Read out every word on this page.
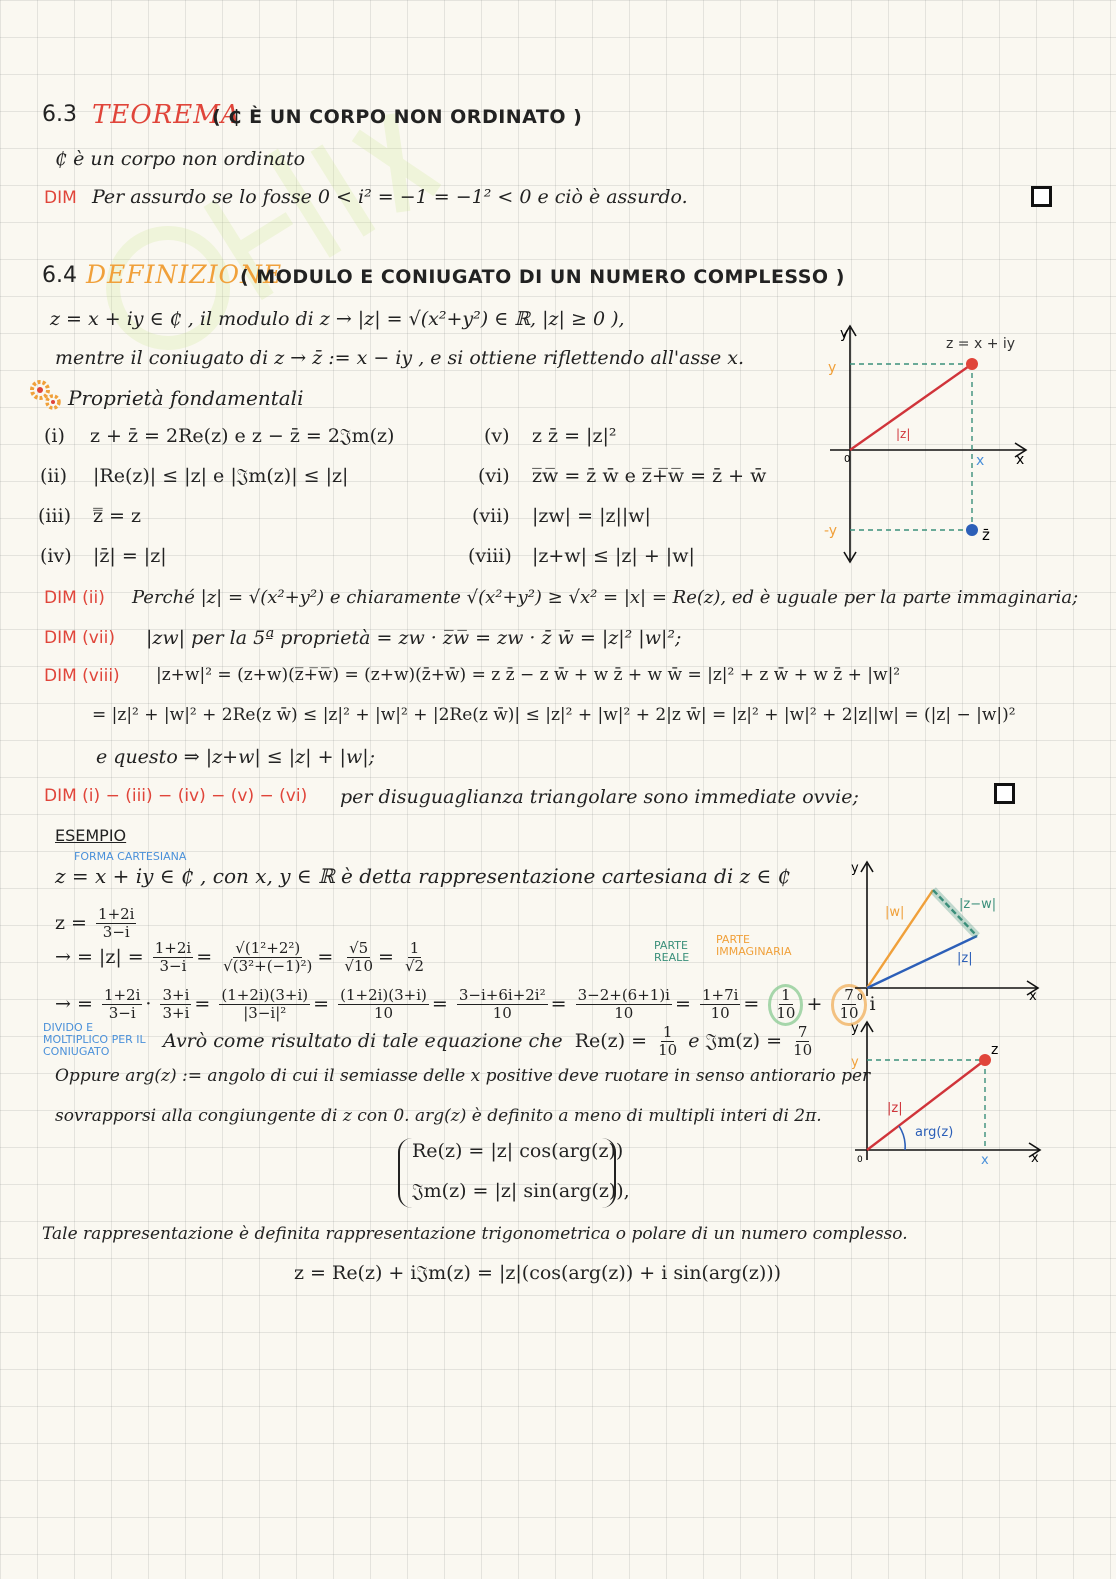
6.3 TEOREMA
( ₵ È UN CORPO NON ORDINATO )
₵ è un corpo non ordinato
DIM Per assurdo se lo fosse 0 < i² = −1 = −1² < 0 e ciò è assurdo.
6.4 DEFINIZIONE
( MODULO E CONIUGATO DI UN NUMERO COMPLESSO )
z = x + iy ∈ ₵ , il modulo di z → |z| = √(x²+y²) ∈ ℝ, |z| ≥ 0 ),
mentre il coniugato di z → z̄ := x − iy , e si ottiene riflettendo all'asse x.
y
x
0
z = x + iy
z̄
|z|
x
y
-y
Proprietà fondamentali
(i) z + z̄ = 2Re(z) e z − z̄ = 2𝔍m(z)
(ii) |Re(z)| ≤ |z| e |𝔍m(z)| ≤ |z|
(iii) z̿ = z
(iv) |z̄| = |z|
(v) z z̄ = |z|²
(vi) z̅w̅ = z̄ w̄ e z̅+̅w̅ = z̄ + w̄
(vii) |zw| = |z||w|
(viii) |z+w| ≤ |z| + |w|
DIM (ii) Perché |z| = √(x²+y²) e chiaramente √(x²+y²) ≥ √x² = |x| = Re(z), ed è uguale per la parte immaginaria;
DIM (vii) |zw| per la 5ª proprietà = zw · z̅w̅ = zw · z̄ w̄ = |z|² |w|²;
DIM (viii) |z+w|² = (z+w)(z̅+̅w̅) = (z+w)(z̄+w̄) = z z̄ − z w̄ + w z̄ + w w̄ = |z|² + z w̄ + w z̄ + |w|²
= |z|² + |w|² + 2Re(z w̄) ≤ |z|² + |w|² + |2Re(z w̄)| ≤ |z|² + |w|² + 2|z w̄| = |z|² + |w|² + 2|z||w| = (|z| − |w|)²
e questo ⇒ |z+w| ≤ |z| + |w|;
DIM (i) − (iii) − (iv) − (v) − (vi) per disuguaglianza triangolare sono immediate ovvie;
ESEMPIO
FORMA CARTESIANA
z = x + iy ∈ ₵ , con x, y ∈ ℝ è detta rappresentazione cartesiana di z ∈ ₵
$z = \frac{1+2i}{3-i}$
→ = $|z| = \frac{1+2i}{3-i} = \frac{\text{√(1²+2²)}}{\text{√(3²+(−1)²)}} = \frac{√5}{√10} = \frac{1}{√2}$
→ = $\frac{1+2i}{3-i} \cdot \frac{3+i}{3+i} = \frac{(1+2i)(3+i)}{\text{|3−i|²}} = \frac{(1+2i)(3+i)}{10} = \frac{\text{3−i+6i+2i²}}{10} = \frac{3-2+(6+1)i}{10} = \frac{1+7i}{10} = \frac{1}{10} + \frac{7}{10}$ i
PARTE REALE
PARTE IMMAGINARIA
DIVIDO E MOLTIPLICO PER IL CONIUGATO	Avrò come risultato di tale equazione che $Re(z) = \frac{1}{10}$ e 𝔍m(z) = $\frac{7}{10}$
Oppure arg(z) := angolo di cui il semiasse delle x positive deve ruotare in senso antiorario per
sovrapporsi alla congiungente di z con 0. arg(z) è definito a meno di multipli interi di 2π.
Re(z) = |z| cos(arg(z))
𝔍m(z) = |z| sin(arg(z)),
Tale rappresentazione è definita rappresentazione trigonometrica o polare di un numero complesso.
z = Re(z) + i𝔍m(z) = |z|(cos(arg(z)) + i sin(arg(z)))
y
x
0
|w|
|z−w|
|z|
y
x
0
z
|z|
arg(z)
x
y
